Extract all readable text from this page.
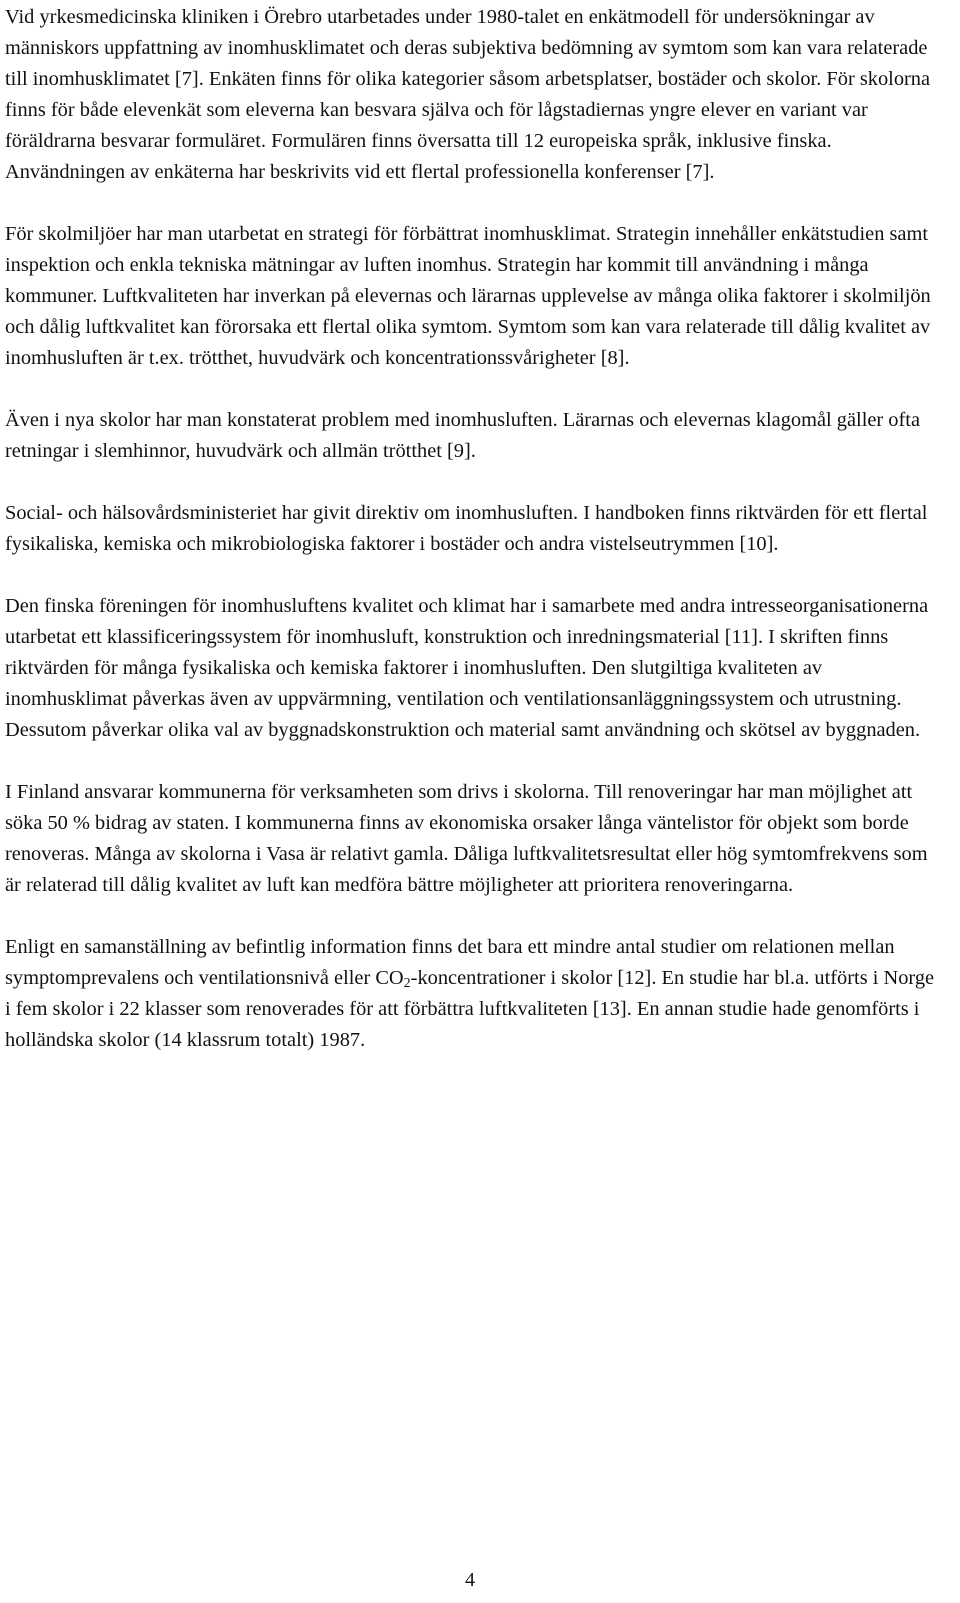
Vid yrkesmedicinska kliniken i Örebro utarbetades under 1980-talet en enkätmodell för undersökningar av människors uppfattning av inomhusklimatet och deras subjektiva bedömning av symtom som kan vara relaterade till inomhusklimatet [7]. Enkäten finns för olika kategorier såsom arbetsplatser, bostäder och skolor. För skolorna finns för både elevenkät som eleverna kan besvara själva och för lågstadiernas yngre elever en variant var föräldrarna besvarar formuläret. Formulären finns översatta till 12 europeiska språk, inklusive finska. Användningen av enkäterna har beskrivits vid ett flertal professionella konferenser [7].

För skolmiljöer har man utarbetat en strategi för förbättrat inomhusklimat. Strategin innehåller enkätstudien samt inspektion och enkla tekniska mätningar av luften inomhus. Strategin har kommit till användning i många kommuner. Luftkvaliteten har inverkan på elevernas och lärarnas upplevelse av många olika faktorer i skolmiljön och dålig luftkvalitet kan förorsaka ett flertal olika symtom. Symtom som kan vara relaterade till dålig kvalitet av inomhusluften är t.ex. trötthet, huvudvärk och koncentrationssvårigheter [8].

Även i nya skolor har man konstaterat problem med inomhusluften. Lärarnas och elevernas klagomål gäller ofta retningar i slemhinnor, huvudvärk och allmän trötthet [9].

Social- och hälsovårdsministeriet har givit direktiv om inomhusluften. I handboken finns riktvärden för ett flertal fysikaliska, kemiska och mikrobiologiska faktorer i bostäder och andra vistelseutrymmen [10].

Den finska föreningen för inomhusluftens kvalitet och klimat har i samarbete med andra intresseorganisationerna utarbetat ett klassificeringssystem för inomhusluft, konstruktion och inredningsmaterial [11]. I skriften finns riktvärden för många fysikaliska och kemiska faktorer i inomhusluften. Den slutgiltiga kvaliteten av inomhusklimat påverkas även av uppvärmning, ventilation och ventilationsanläggningssystem och utrustning. Dessutom påverkar olika val av byggnadskonstruktion och material samt användning och skötsel av byggnaden.

I Finland ansvarar kommunerna för verksamheten som drivs i skolorna. Till renoveringar har man möjlighet att söka 50 % bidrag av staten. I kommunerna finns av ekonomiska orsaker långa väntelistor för objekt som borde renoveras. Många av skolorna i Vasa är relativt gamla. Dåliga luftkvalitetsresultat eller hög symtomfrekvens som är relaterad till dålig kvalitet av luft kan medföra bättre möjligheter att prioritera renoveringarna.

Enligt en samanställning av befintlig information finns det bara ett mindre antal studier om relationen mellan symptomprevalens och ventilationsnivå eller $CO_2$-koncentrationer i skolor [12]. En studie har bl.a. utförts i Norge i fem skolor i 22 klasser som renoverades för att förbättra luftkvaliteten [13]. En annan studie hade genomförts i holländska skolor (14 klassrum totalt) 1987.

4
